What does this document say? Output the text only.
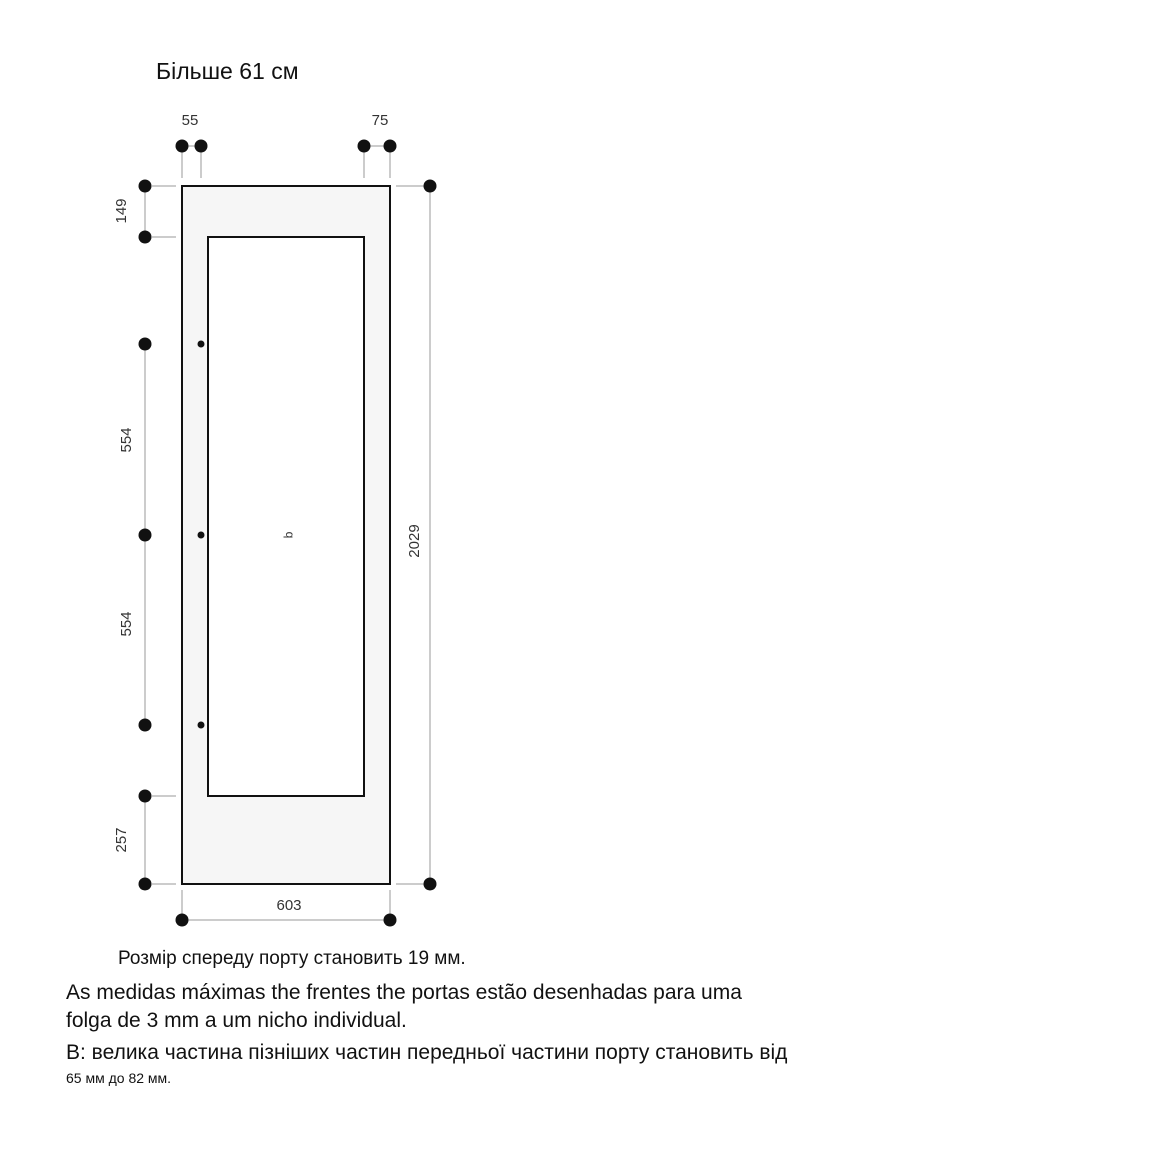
Більше 61 см
q
55	75
149
554
554
257
2029
603
Розмір спереду порту становить 19 мм.
As medidas máximas the frentes the portas estão desenhadas para uma
folga de 3 mm a um nicho individual.
B: велика частина пізніших частин передньої частини порту становить від
65 мм до 82 мм.
